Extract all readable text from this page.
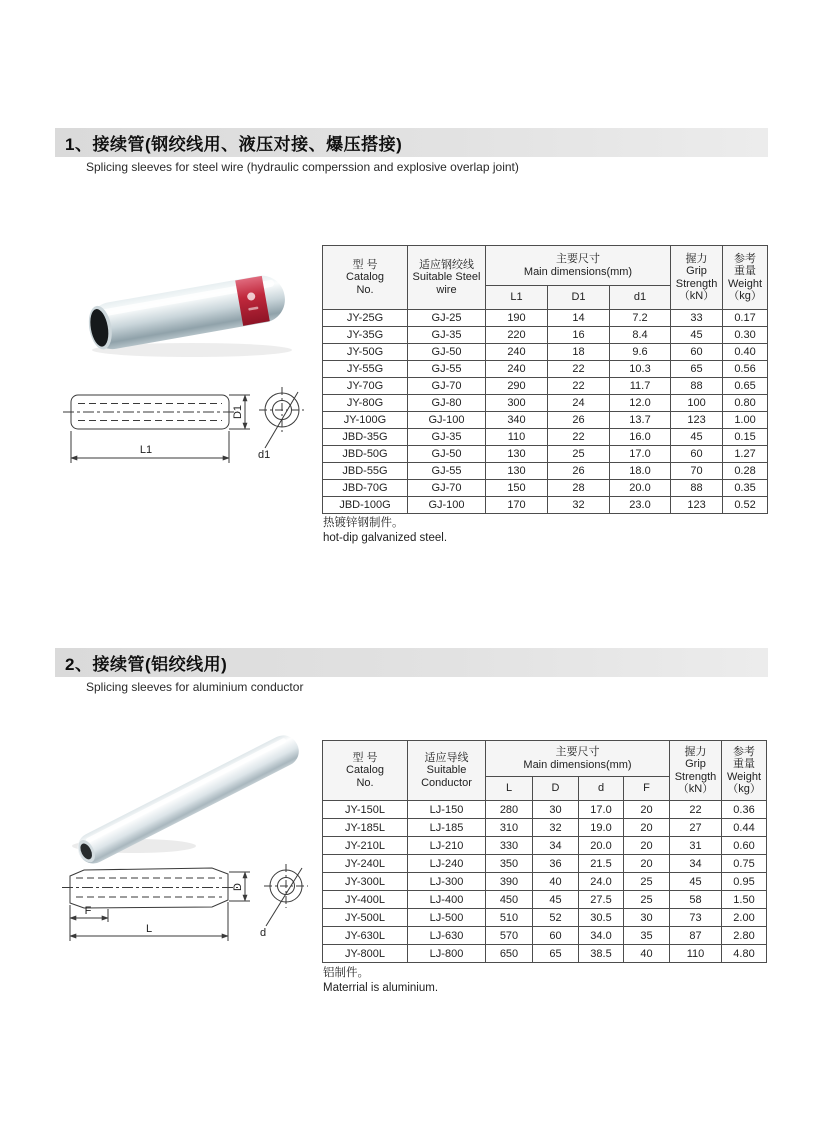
1、接续管(钢绞线用、液压对接、爆压搭接)
Splicing sleeves for steel wire (hydraulic comperssion and explosive overlap joint)
L1
D1
d1
型 号
Catalog
No.	适应钢绞线
Suitable Steel
wire	主要尺寸
Main dimensions(mm)			握力
Grip
Strength
（kN）	参考
重量
Weight
（kg）

		L1	D1	d1		
JY-25G	GJ-25	190	14	7.2	33	0.17
JY-35G	GJ-35	220	16	8.4	45	0.30
JY-50G	GJ-50	240	18	9.6	60	0.40
JY-55G	GJ-55	240	22	10.3	65	0.56
JY-70G	GJ-70	290	22	11.7	88	0.65
JY-80G	GJ-80	300	24	12.0	100	0.80
JY-100G	GJ-100	340	26	13.7	123	1.00
JBD-35G	GJ-35	110	22	16.0	45	0.15
JBD-50G	GJ-50	130	25	17.0	60	1.27
JBD-55G	GJ-55	130	26	18.0	70	0.28
JBD-70G	GJ-70	150	28	20.0	88	0.35
JBD-100G	GJ-100	170	32	23.0	123	0.52
热镀锌钢制件。
hot-dip galvanized steel.
2、接续管(铝绞线用)
Splicing sleeves for aluminium conductor
F
L
D
d
型 号
Catalog
No.	适应导线
Suitable
Conductor	主要尺寸
Main dimensions(mm)				握力
Grip
Strength
（kN）	参考
重量
Weight
（kg）

		L	D	d	F		
JY-150L	LJ-150	280	30	17.0	20	22	0.36
JY-185L	LJ-185	310	32	19.0	20	27	0.44
JY-210L	LJ-210	330	34	20.0	20	31	0.60
JY-240L	LJ-240	350	36	21.5	20	34	0.75
JY-300L	LJ-300	390	40	24.0	25	45	0.95
JY-400L	LJ-400	450	45	27.5	25	58	1.50
JY-500L	LJ-500	510	52	30.5	30	73	2.00
JY-630L	LJ-630	570	60	34.0	35	87	2.80
JY-800L	LJ-800	650	65	38.5	40	110	4.80
铝制件。
Materrial is aluminium.
